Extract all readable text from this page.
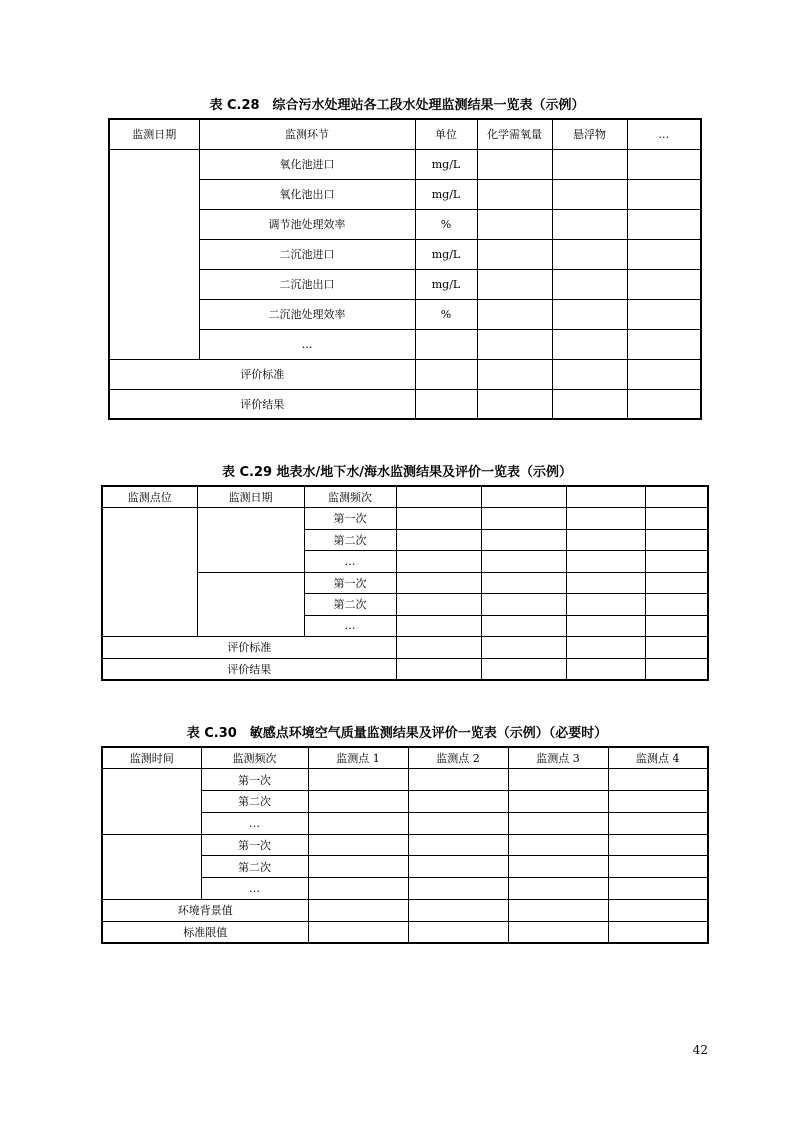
表 C.28　综合污水处理站各工段水处理监测结果一览表（示例）
监测日期	监测环节	单位	化学需氧量	悬浮物	…
	氧化池进口	mg/L			
	氧化池出口	mg/L			
	调节池处理效率	%			
	二沉池进口	mg/L			
	二沉池出口	mg/L			
	二沉池处理效率	%			
	…				
评价标准					
评价结果					
表 C.29 地表水/地下水/海水监测结果及评价一览表（示例）
监测点位	监测日期	监测频次				
		第一次				
		第二次				
		…				
		第一次				
		第二次				
		…				
评价标准						
评价结果						
表 C.30　敏感点环境空气质量监测结果及评价一览表（示例）（必要时）
监测时间	监测频次	监测点 1	监测点 2	监测点 3	监测点 4
	第一次				
	第二次				
	…				
	第一次				
	第二次				
	…				
环境背景值					
标准限值					
42
